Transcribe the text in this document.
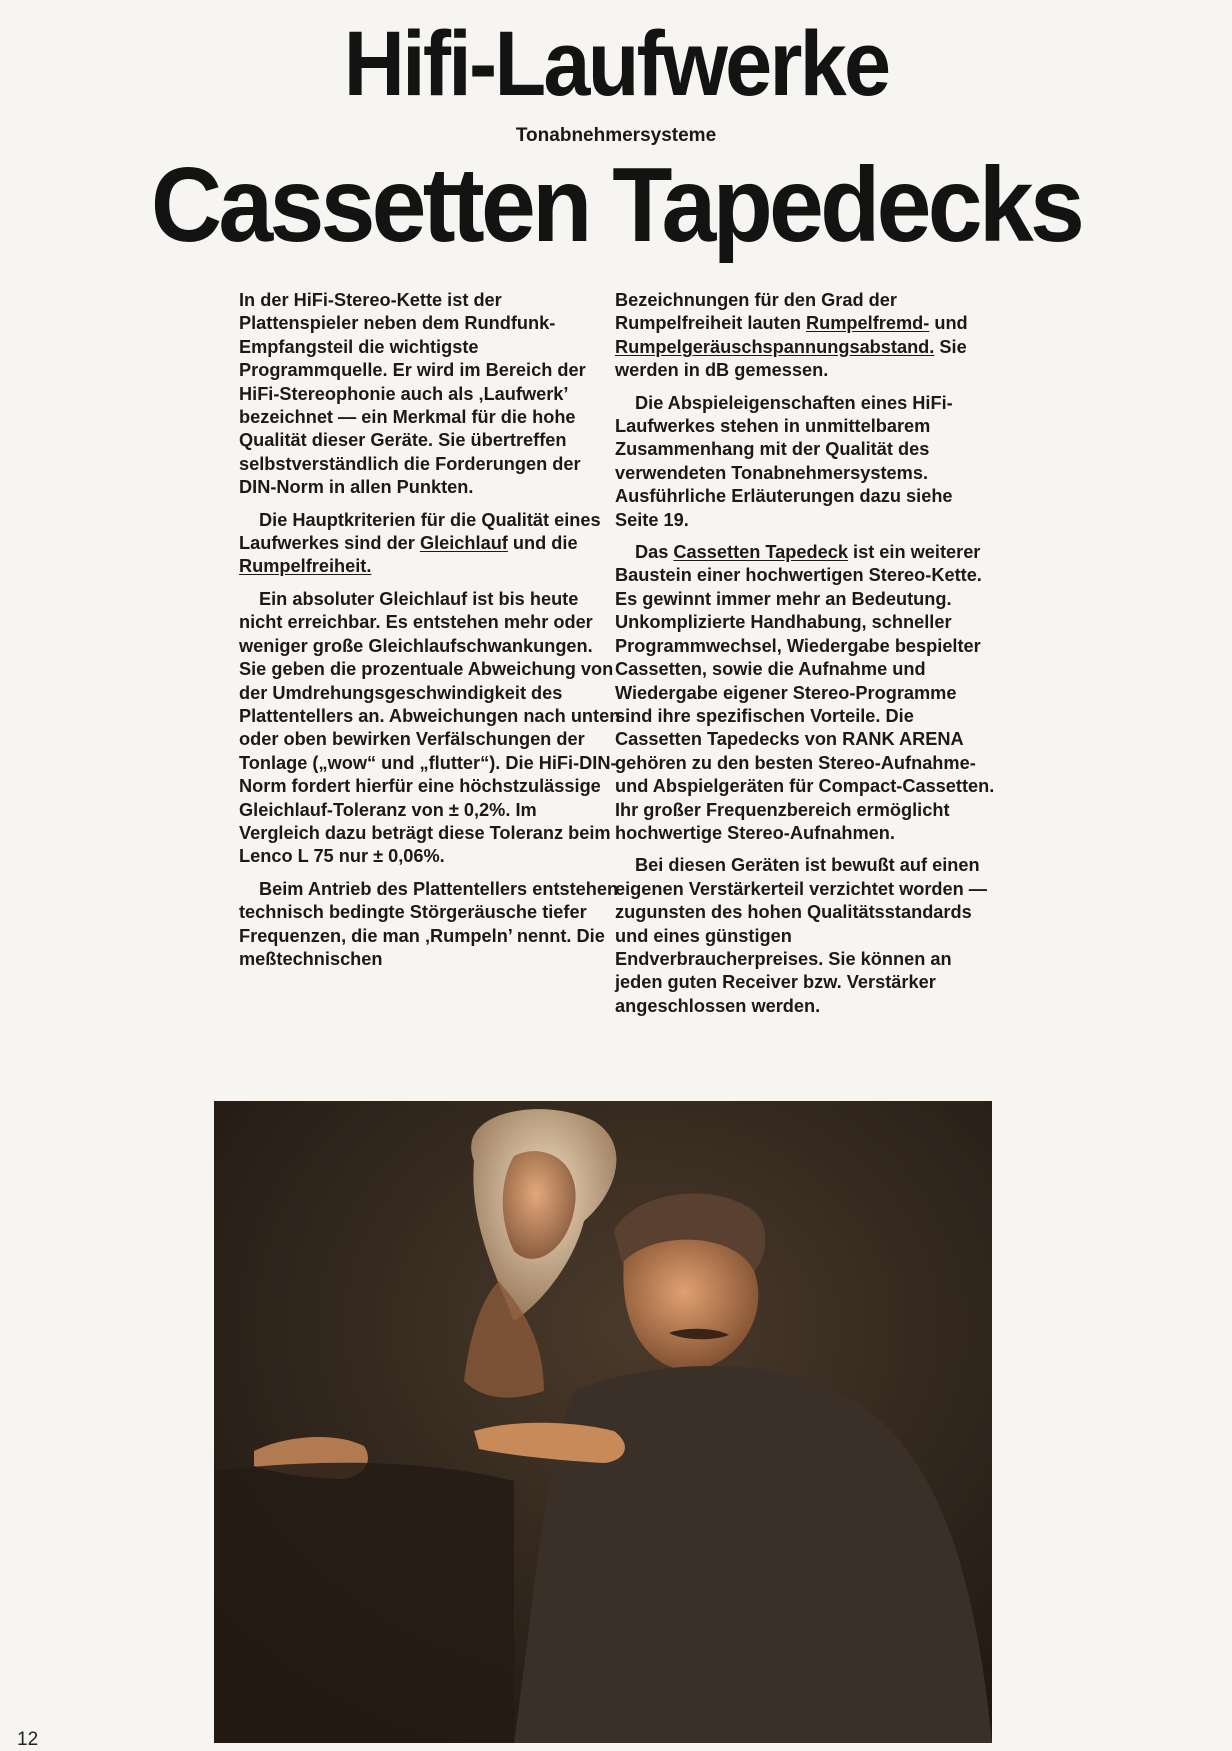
Hifi-Laufwerke
Tonabnehmersysteme
Cassetten Tapedecks

In der HiFi-Stereo-Kette ist der Plattenspieler neben dem Rundfunk-Empfangsteil die wichtigste Programmquelle. Er wird im Bereich der HiFi-Stereophonie auch als ‚Laufwerk’ bezeichnet — ein Merkmal für die hohe Qualität dieser Geräte. Sie übertreffen selbstverständlich die Forderungen der DIN-Norm in allen Punkten.

Die Hauptkriterien für die Qualität eines Laufwerkes sind der Gleichlauf und die Rumpelfreiheit.

Ein absoluter Gleichlauf ist bis heute nicht erreichbar. Es entstehen mehr oder weniger große Gleichlaufschwankungen. Sie geben die prozentuale Abweichung von der Umdrehungsgeschwindigkeit des Plattentellers an. Abweichungen nach unten oder oben bewirken Verfälschungen der Tonlage („wow“ und „flutter“). Die HiFi-DIN-Norm fordert hierfür eine höchstzulässige Gleichlauf-Toleranz von ± 0,2%. Im Vergleich dazu beträgt diese Toleranz beim Lenco L 75 nur ± 0,06%.

Beim Antrieb des Plattentellers entstehen technisch bedingte Störgeräusche tiefer Frequenzen, die man ‚Rumpeln’ nennt. Die meßtechnischen

Bezeichnungen für den Grad der Rumpelfreiheit lauten Rumpelfremd- und Rumpelgeräuschspannungsabstand. Sie werden in dB gemessen.

Die Abspieleigenschaften eines HiFi-Laufwerkes stehen in unmittelbarem Zusammenhang mit der Qualität des verwendeten Tonabnehmersystems. Ausführliche Erläuterungen dazu siehe Seite 19.

Das Cassetten Tapedeck ist ein weiterer Baustein einer hochwertigen Stereo-Kette. Es gewinnt immer mehr an Bedeutung. Unkomplizierte Handhabung, schneller Programmwechsel, Wiedergabe bespielter Cassetten, sowie die Aufnahme und Wiedergabe eigener Stereo-Programme sind ihre spezifischen Vorteile. Die Cassetten Tapedecks von RANK ARENA gehören zu den besten Stereo-Aufnahme- und Abspielgeräten für Compact-Cassetten. Ihr großer Frequenzbereich ermöglicht hochwertige Stereo-Aufnahmen.

Bei diesen Geräten ist bewußt auf einen eigenen Verstärkerteil verzichtet worden — zugunsten des hohen Qualitätsstandards und eines günstigen Endverbraucherpreises. Sie können an jeden guten Receiver bzw. Verstärker angeschlossen werden.

12
